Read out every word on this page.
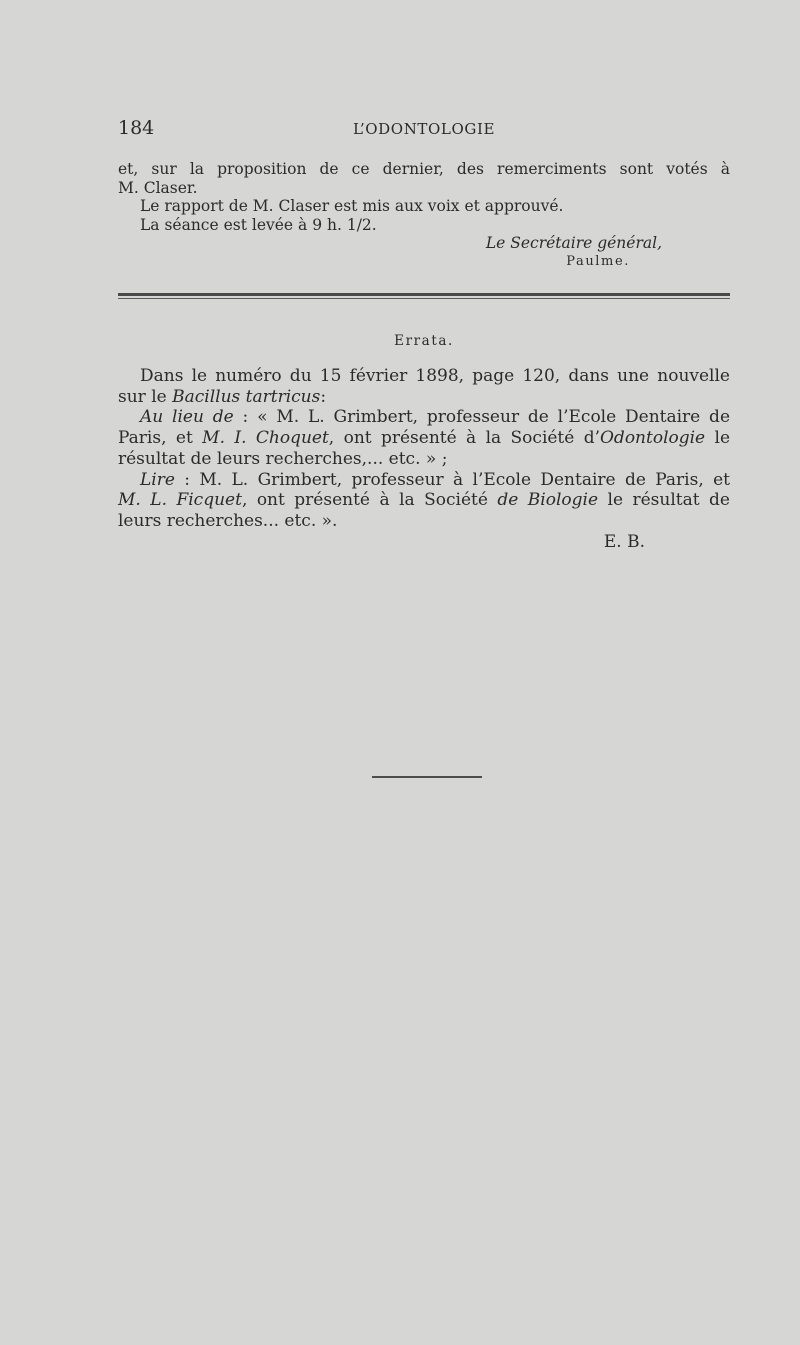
184	L’ODONTOLOGIE
et, sur la proposition de ce dernier, des remerciments sont votés à
M. Claser.
Le rapport de M. Claser est mis aux voix et approuvé.
La séance est levée à 9 h. 1/2.
Le Secrétaire général,
Paulme.
Errata.
Dans le numéro du 15 février 1898, page 120, dans une nouvelle
sur le Bacillus tartricus:
Au lieu de : « M. L. Grimbert, professeur de l’Ecole Dentaire de
Paris, et M. I. Choquet, ont présenté à la Société d’Odontologie le
résultat de leurs recherches,... etc. » ;
Lire : M. L. Grimbert, professeur à l’Ecole Dentaire de Paris, et
M. L. Ficquet, ont présenté à la Société de Biologie le résultat de
leurs recherches... etc. ».
E. B.
